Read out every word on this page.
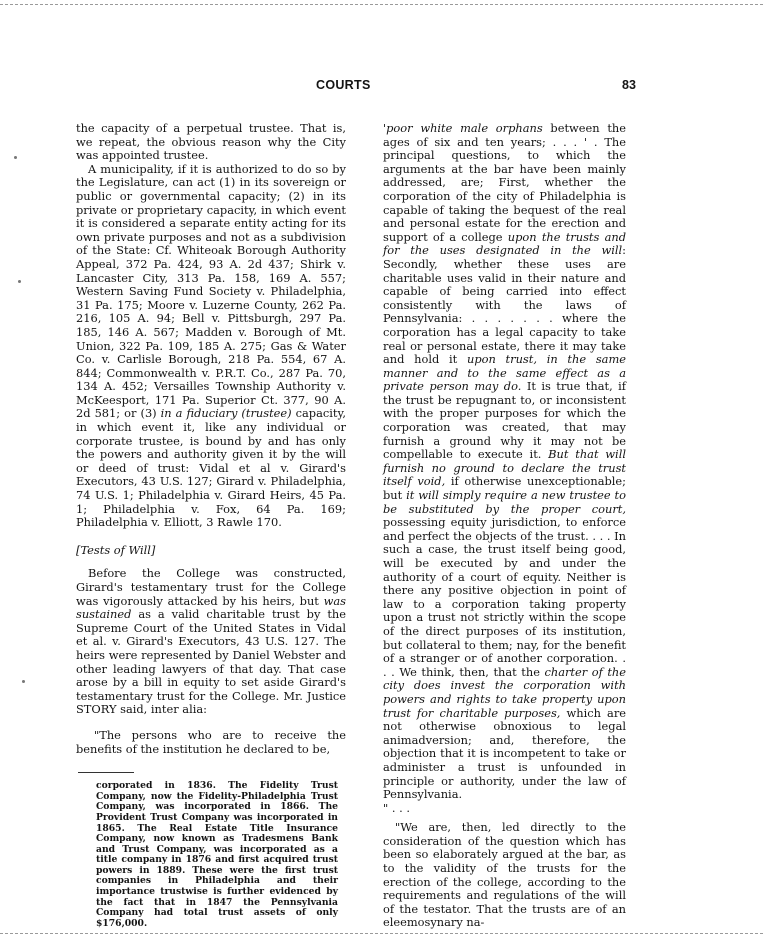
COURTS	83

the capacity of a perpetual trustee. That is, we repeat, the obvious reason why the City was appointed trustee.

A municipality, if it is authorized to do so by the Legislature, can act (1) in its sovereign or public or governmental capacity; (2) in its private or proprietary capacity, in which event it is considered a separate entity acting for its own private purposes and not as a subdivision of the State: Cf. Whiteoak Borough Authority Appeal, 372 Pa. 424, 93 A. 2d 437; Shirk v. Lancaster City, 313 Pa. 158, 169 A. 557; Western Saving Fund Society v. Philadelphia, 31 Pa. 175; Moore v. Luzerne County, 262 Pa. 216, 105 A. 94; Bell v. Pittsburgh, 297 Pa. 185, 146 A. 567; Madden v. Borough of Mt. Union, 322 Pa. 109, 185 A. 275; Gas & Water Co. v. Carlisle Borough, 218 Pa. 554, 67 A. 844; Commonwealth v. P.R.T. Co., 287 Pa. 70, 134 A. 452; Versailles Township Authority v. McKeesport, 171 Pa. Superior Ct. 377, 90 A. 2d 581; or (3) in a fiduciary (trustee) capacity, in which event it, like any individual or corporate trustee, is bound by and has only the powers and authority given it by the will or deed of trust: Vidal et al v. Girard's Executors, 43 U.S. 127; Girard v. Philadelphia, 74 U.S. 1; Philadelphia v. Girard Heirs, 45 Pa. 1; Philadelphia v. Fox, 64 Pa. 169; Philadelphia v. Elliott, 3 Rawle 170.

[Tests of Will]

Before the College was constructed, Girard's testamentary trust for the College was vigorously attacked by his heirs, but was sustained as a valid charitable trust by the Supreme Court of the United States in Vidal et al. v. Girard's Executors, 43 U.S. 127. The heirs were represented by Daniel Webster and other leading lawyers of that day. That case arose by a bill in equity to set aside Girard's testamentary trust for the College. Mr. Justice STORY said, inter alia:

"The persons who are to receive the benefits of the institution he declared to be,

corporated in 1836. The Fidelity Trust Company, now the Fidelity-Philadelphia Trust Company, was incorporated in 1866. The Provident Trust Company was incorporated in 1865. The Real Estate Title Insurance Company, now known as Tradesmens Bank and Trust Company, was incorporated as a title company in 1876 and first acquired trust powers in 1889. These were the first trust companies in Philadelphia and their importance trustwise is further evidenced by the fact that in 1847 the Pennsylvania Company had total trust assets of only $176,000.

'poor white male orphans between the ages of six and ten years; . . . ' . The principal questions, to which the arguments at the bar have been mainly addressed, are; First, whether the corporation of the city of Philadelphia is capable of taking the bequest of the real and personal estate for the erection and support of a college upon the trusts and for the uses designated in the will: Secondly, whether these uses are charitable uses valid in their nature and capable of being carried into effect consistently with the laws of Pennsylvania: . . . . . . . where the corporation has a legal capacity to take real or personal estate, there it may take and hold it upon trust, in the same manner and to the same effect as a private person may do. It is true that, if the trust be repugnant to, or inconsistent with the proper purposes for which the corporation was created, that may furnish a ground why it may not be compellable to execute it. But that will furnish no ground to declare the trust itself void, if otherwise unexceptionable; but it will simply require a new trustee to be substituted by the proper court, possessing equity jurisdiction, to enforce and perfect the objects of the trust. . . . In such a case, the trust itself being good, will be executed by and under the authority of a court of equity. Neither is there any positive objection in point of law to a corporation taking property upon a trust not strictly within the scope of the direct purposes of its institution, but collateral to them; nay, for the benefit of a stranger or of another corporation. . . . We think, then, that the charter of the city does invest the corporation with powers and rights to take property upon trust for charitable purposes, which are not otherwise obnoxious to legal animadversion; and, therefore, the objection that it is incompetent to take or administer a trust is unfounded in principle or authority, under the law of Pennsylvania.

" . . .

"We are, then, led directly to the consideration of the question which has been so elaborately argued at the bar, as to the validity of the trusts for the erection of the college, according to the requirements and regulations of the will of the testator. That the trusts are of an eleemosynary na-
